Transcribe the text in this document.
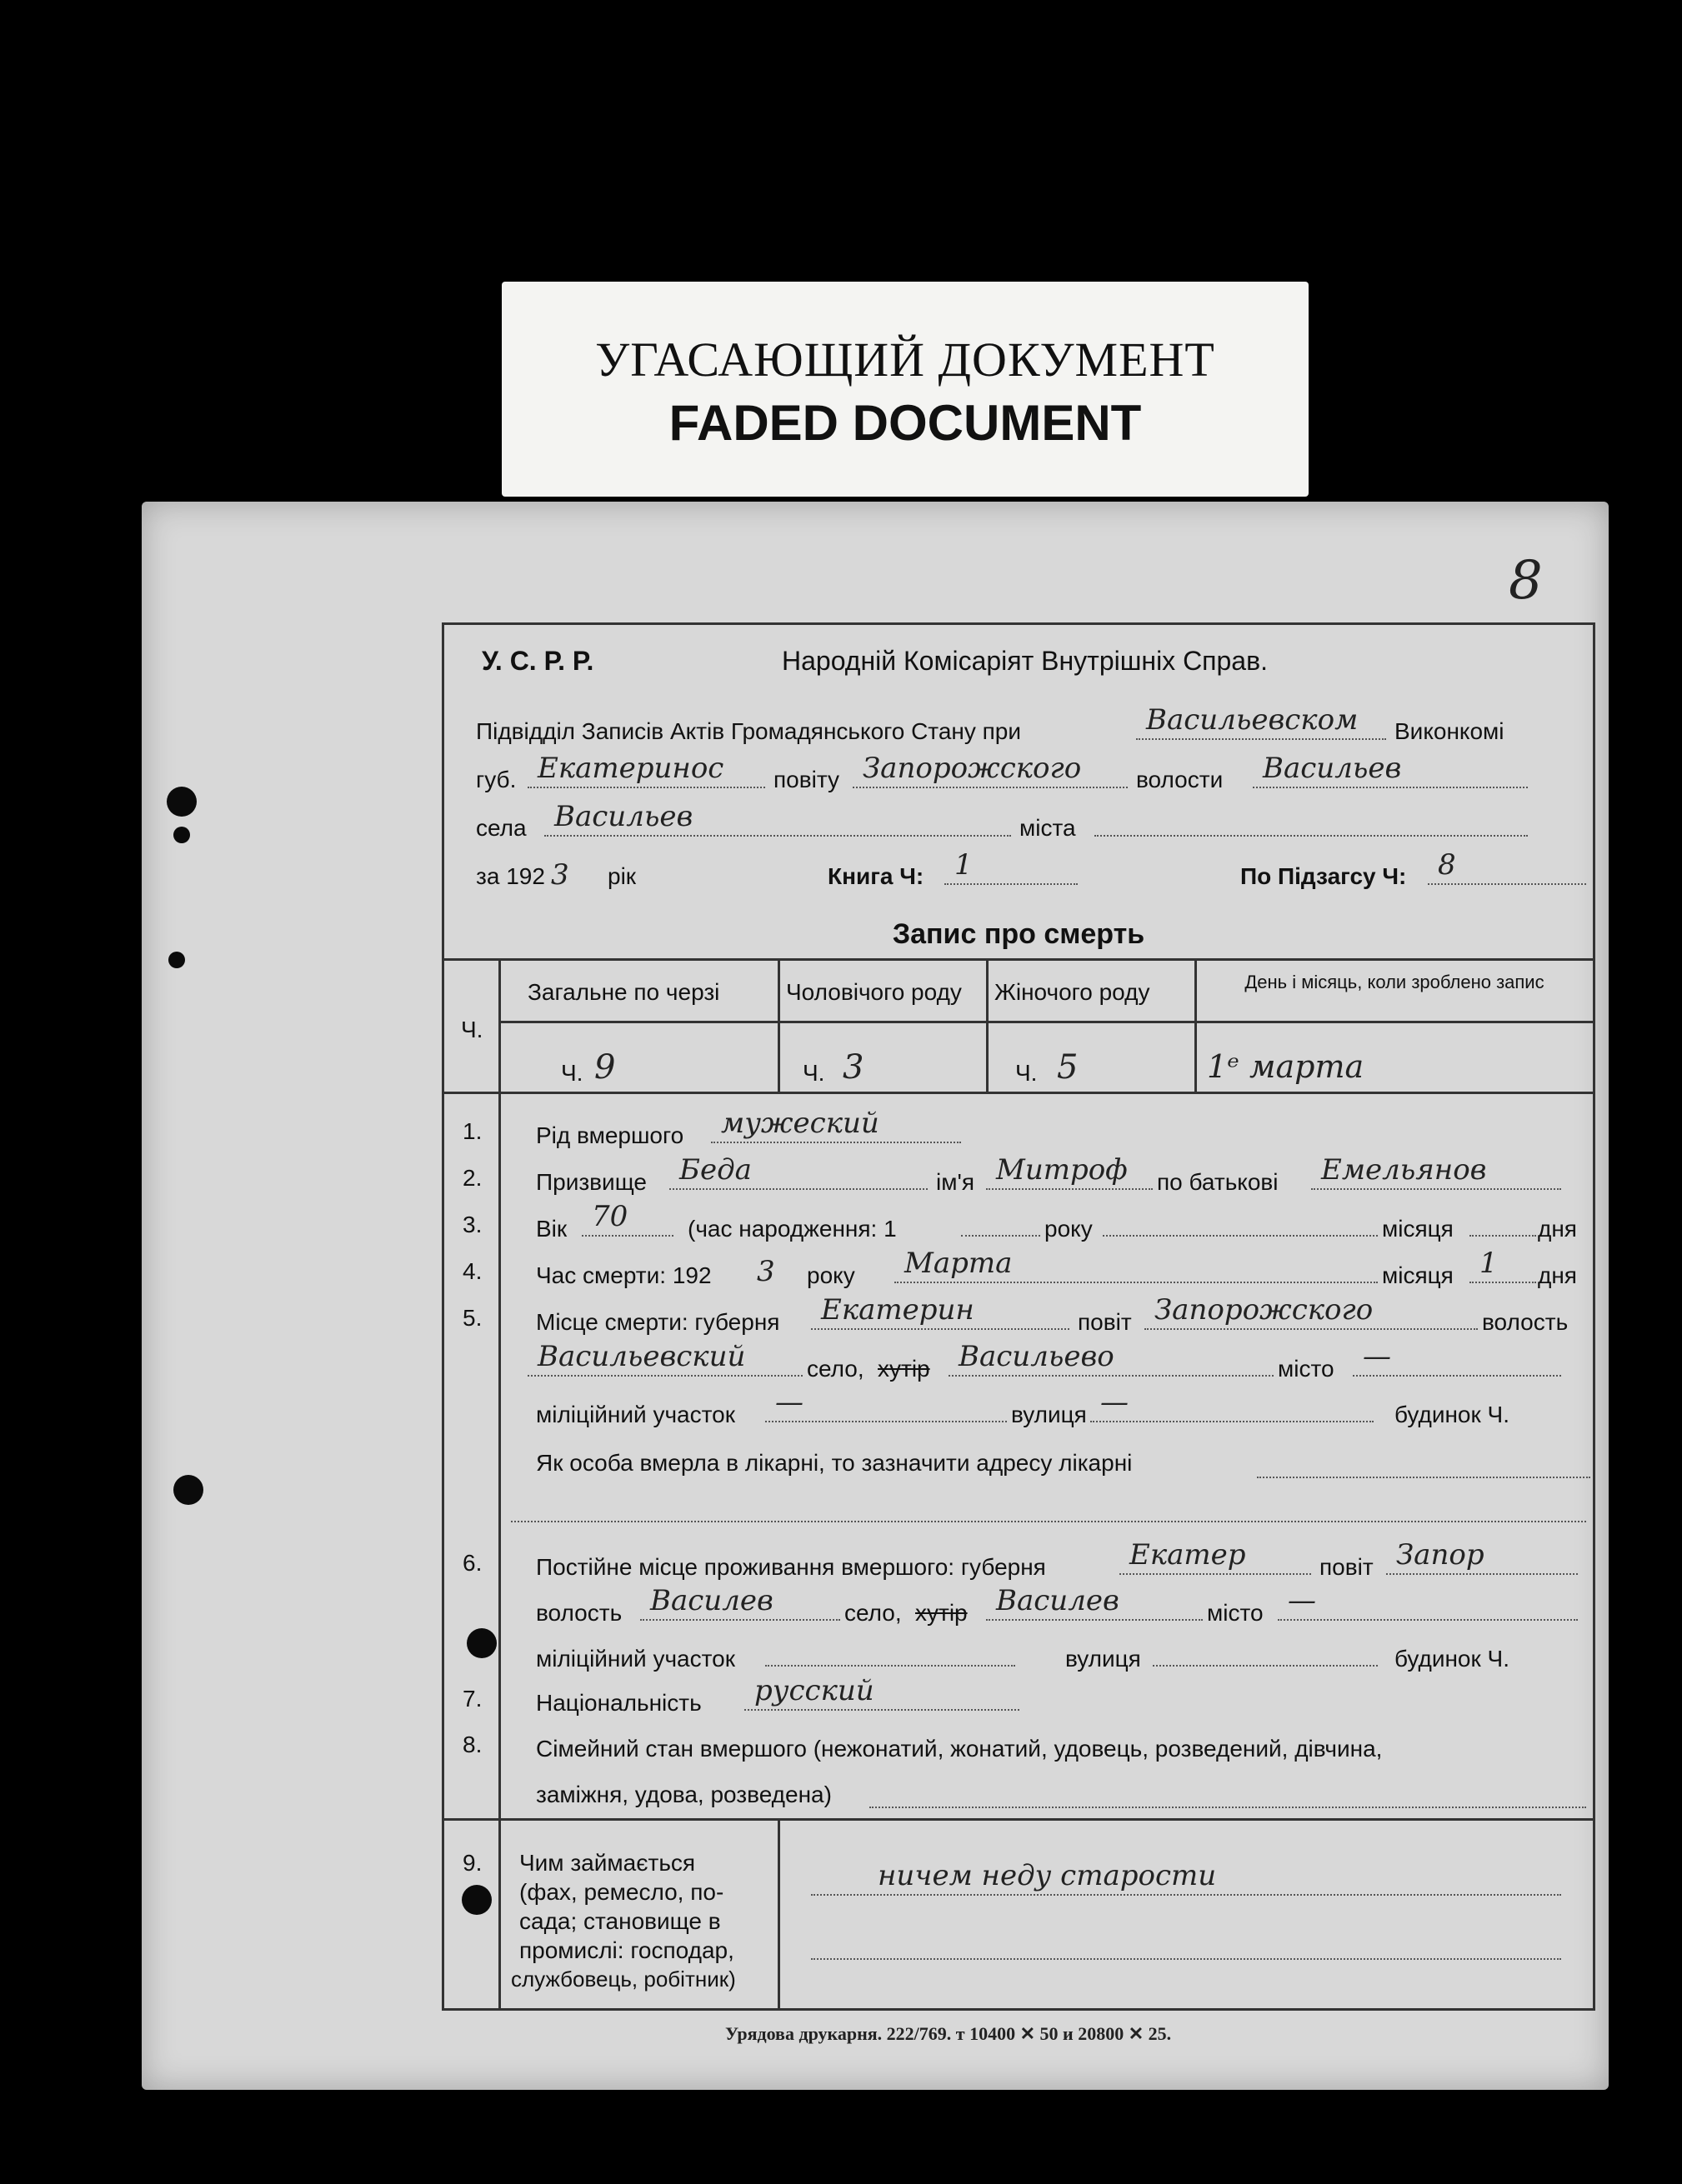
УГАСАЮЩИЙ ДОКУМЕНТ
FADED DOCUMENT
8
У. С. Р. Р.	Народній Комісаріят Внутрішніх Справ.
Підвідділ Записів Актів Громадянського Стану при	Васильевском Виконкомі
губ. Екатеринос повіту Запорожского волости Васильев
села Васильев	міста
за 192 3 рік	Книга Ч: 1	По Підзагсу Ч: 8
Запис про смерть
Ч.
Загальне по черзі	Чоловічого роду Жіночого роду	День і місяць, коли зроблено запис
Ч. 9	Ч. 3	Ч. 5	1ᵉ марта
1. Рід вмершого мужеский
2. Призвище Беда	ім'я Митроф по батькові Емельянов
3. Вік 70	(час народження: 1	року	місяця	дня
4. Час смерти: 192 3 року Марта	місяця 1 дня
5. Місце смерти: губерня Екатерин	повіт Запорожского	волость
Васильевский	село, хутір Васильево	місто —
міліційний участок —	вулиця —	будинок Ч.
Як особа вмерла в лікарні, то зазначити адресу лікарні
6. Постійне місце проживання вмершого: губерня	Екатер	повіт Запор
волость Василев	село, хутір Василев	місто —
міліційний участок	вулиця	будинок Ч.
7. Національність русский
8. Сімейний стан вмершого (нежонатий, жонатий, удовець, розведений, дівчина,
заміжня, удова, розведена)
9. Чим займається
(фах, ремесло, по-
сада; становище в
промислі: господар,
службовець, робітник)
ничем неду старости
Урядова друкарня. 222/769. т 10400 ✕ 50 и 20800 ✕ 25.
